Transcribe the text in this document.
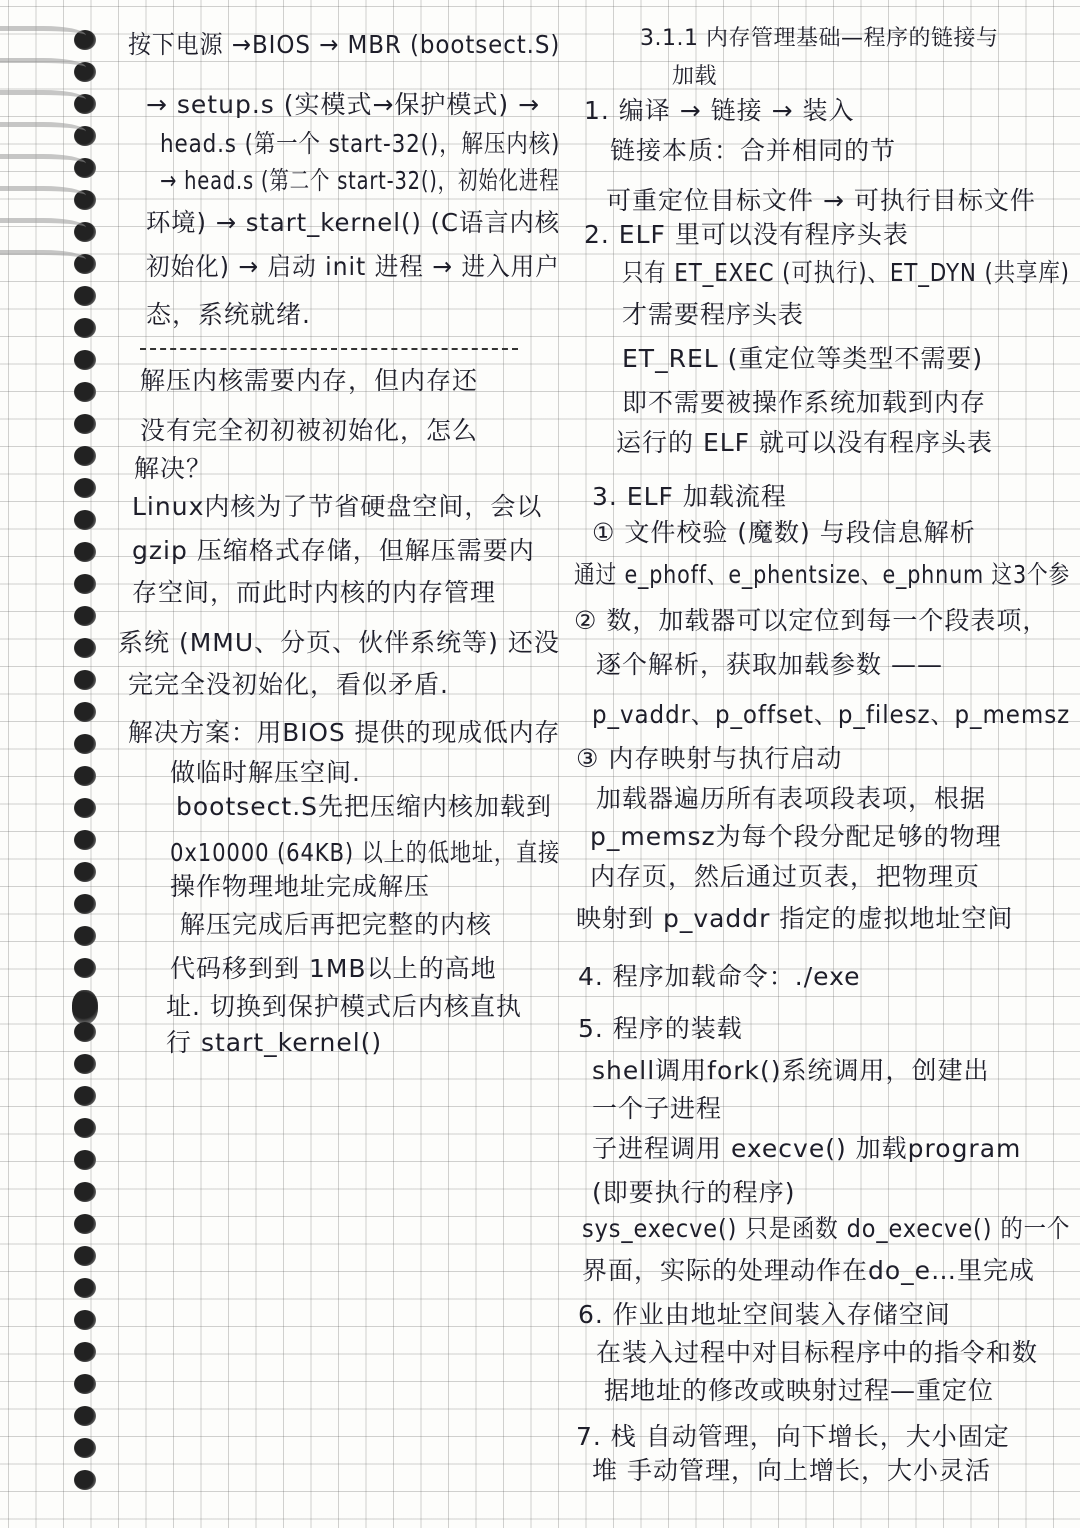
按下电源 →BIOS → MBR (bootsect.S)
→ setup.s (实模式→保护模式) →
head.s (第一个 start-32()，解压内核)
→ head.s (第二个 start-32()，初始化进程
环境) → start_kernel() (C语言内核
初始化) → 启动 init 进程 → 进入用户
态，系统就绪.
解压内核需要内存，但内存还
没有完全初初被初始化，怎么
解决？
Linux内核为了节省硬盘空间，会以
gzip 压缩格式存储，但解压需要内
存空间，而此时内核的内存管理
系统 (MMU、分页、伙伴系统等) 还没
完完全没初始化，看似矛盾.
解决方案：用BIOS 提供的现成低内存
做临时解压空间.
bootsect.S先把压缩内核加载到
0x10000 (64KB) 以上的低地址，直接
操作物理地址完成解压
解压完成后再把完整的内核
代码移到到 1MB以上的高地
址. 切换到保护模式后内核直执
行 start_kernel()
3.1.1 内存管理基础—程序的链接与
加载
1. 编译 → 链接 → 装入
链接本质：合并相同的节
可重定位目标文件 → 可执行目标文件
2. ELF 里可以没有程序头表
只有 ET_EXEC (可执行)、ET_DYN (共享库)
才需要程序头表
ET_REL (重定位等类型不需要)
即不需要被操作系统加载到内存
运行的 ELF 就可以没有程序头表
3. ELF 加载流程
① 文件校验 (魔数) 与段信息解析
通过 e_phoff、e_phentsize、e_phnum 这3个参
② 数，加载器可以定位到每一个段表项，
逐个解析，获取加载参数 ——
p_vaddr、p_offset、p_filesz、p_memsz
③ 内存映射与执行启动
加载器遍历所有表项段表项，根据
p_memsz为每个段分配足够的物理
内存页，然后通过页表，把物理页
映射到 p_vaddr 指定的虚拟地址空间
4. 程序加载命令：./exe
5. 程序的装载
shell调用fork()系统调用，创建出
一个子进程
子进程调用 execve() 加载program
(即要执行的程序)
sys_execve() 只是函数 do_execve() 的一个
界面，实际的处理动作在do_e…里完成
6. 作业由地址空间装入存储空间
在装入过程中对目标程序中的指令和数
据地址的修改或映射过程—重定位
7. 栈 自动管理，向下增长，大小固定
堆 手动管理，向上增长，大小灵活
